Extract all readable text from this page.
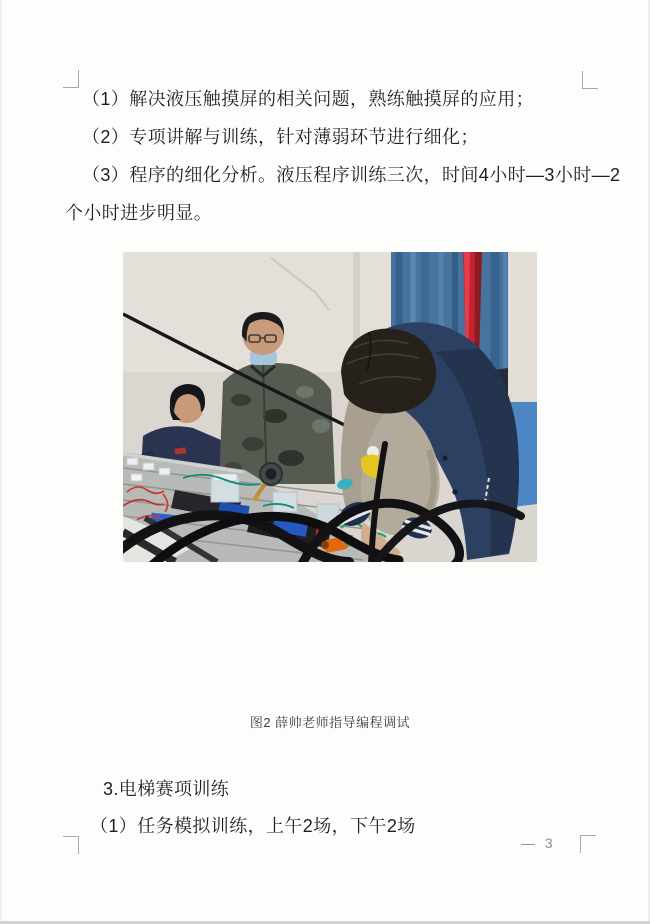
（1）解决液压触摸屏的相关问题，熟练触摸屏的应用；
（2）专项讲解与训练，针对薄弱环节进行细化；
（3）程序的细化分析。液压程序训练三次，时间4小时—3小时—2
个小时进步明显。
图2 薛帅老师指导编程调试
3.电梯赛项训练
（1）任务模拟训练，上午2场，下午2场
— 3
